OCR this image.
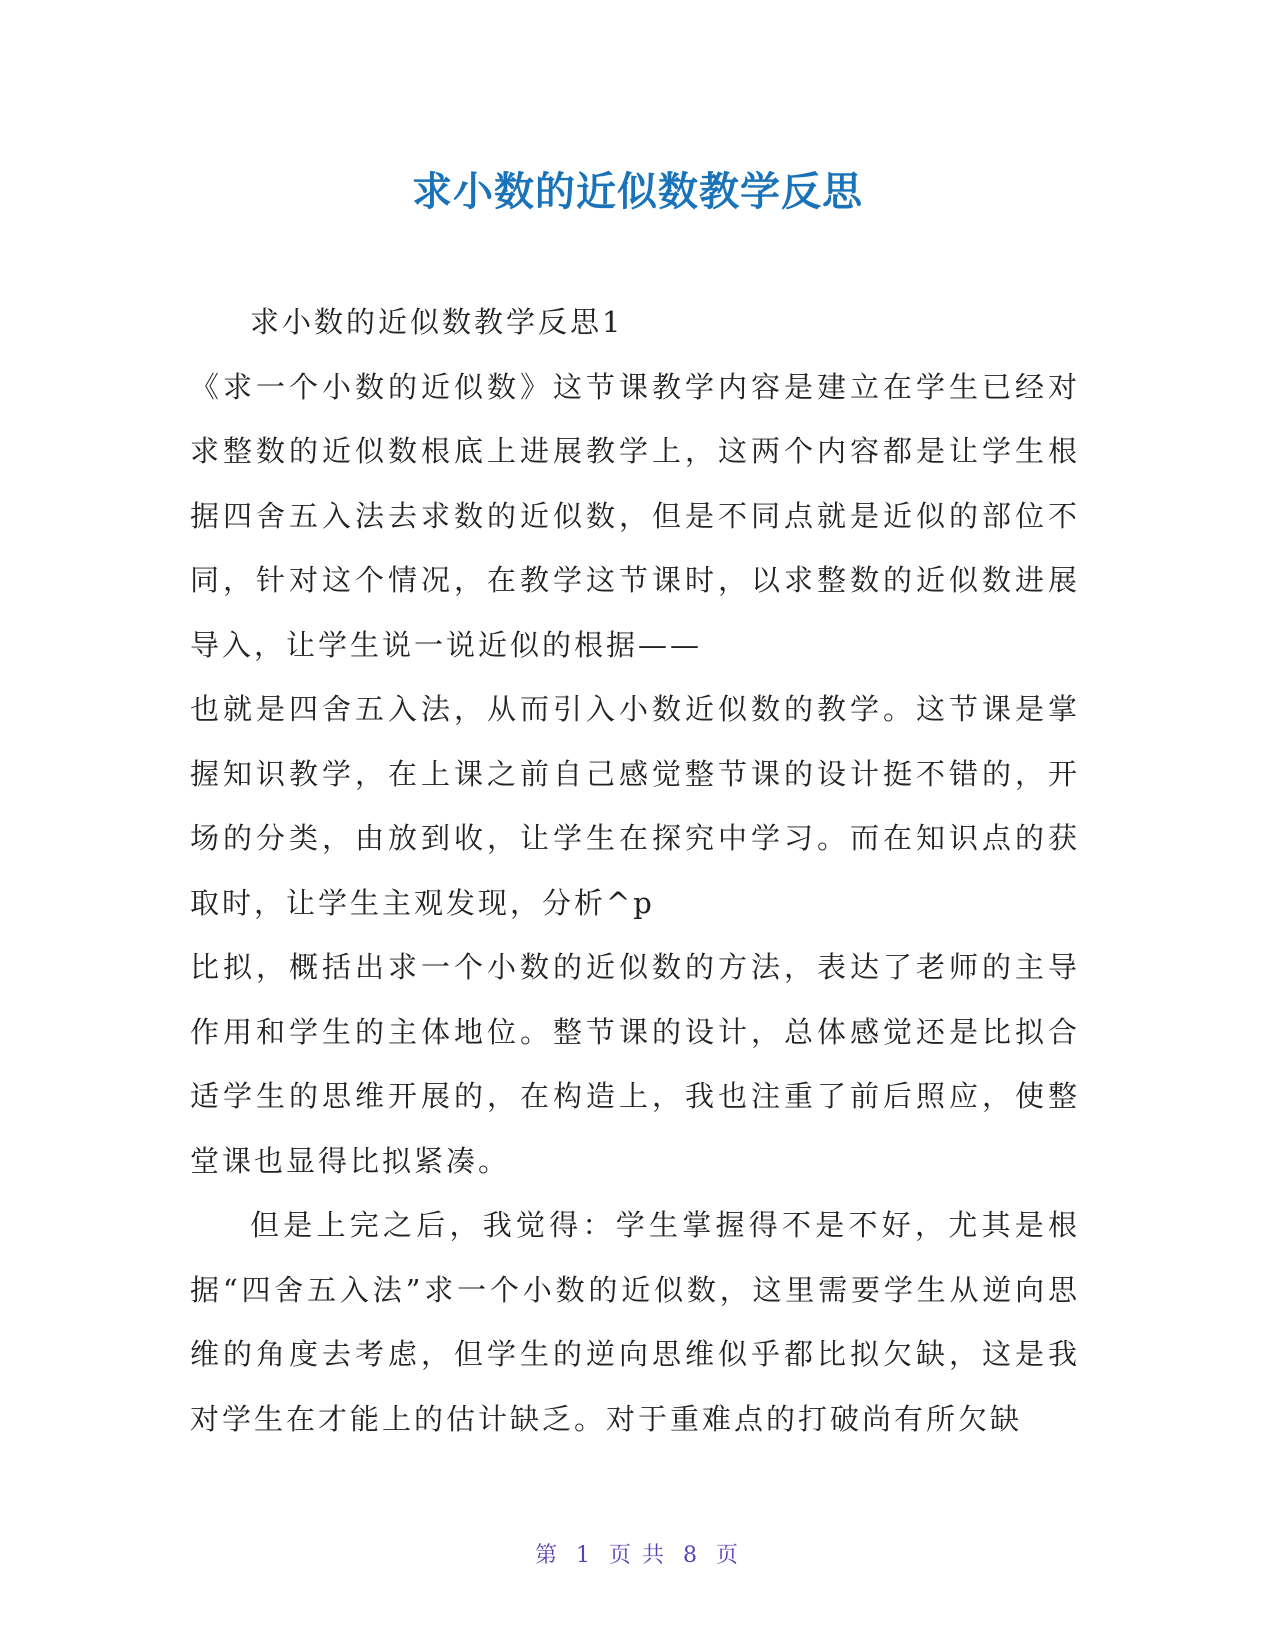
求小数的近似数教学反思

求小数的近似数教学反思1

《求一个小数的近似数》这节课教学内容是建立在学生已经对求整数的近似数根底上进展教学上，这两个内容都是让学生根据四舍五入法去求数的近似数，但是不同点就是近似的部位不同，针对这个情况，在教学这节课时，以求整数的近似数进展导入，让学生说一说近似的根据——

也就是四舍五入法，从而引入小数近似数的教学。这节课是掌握知识教学，在上课之前自己感觉整节课的设计挺不错的，开场的分类，由放到收，让学生在探究中学习。而在知识点的获取时，让学生主观发现，分析^p

比拟，概括出求一个小数的近似数的方法，表达了老师的主导作用和学生的主体地位。整节课的设计，总体感觉还是比拟合适学生的思维开展的，在构造上，我也注重了前后照应，使整堂课也显得比拟紧凑。

但是上完之后，我觉得：学生掌握得不是不好，尤其是根据“四舍五入法”求一个小数的近似数，这里需要学生从逆向思维的角度去考虑，但学生的逆向思维似乎都比拟欠缺，这是我对学生在才能上的估计缺乏。对于重难点的打破尚有所欠缺

第 1 页 共 8 页
